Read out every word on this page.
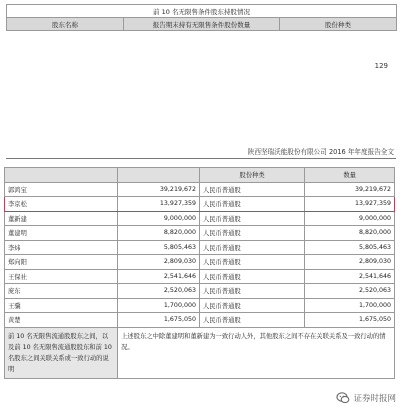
前 10 名无限售条件股东持股情况
股东名称	报告期末持有无限售条件股份数量	股份种类
129
陕西坚瑞沃能股份有限公司 2016 年年度报告全文
		股份种类	数量
郭鸿宝	39,219,672	人民币普通股	39,219,672
李京松	13,927,359	人民币普通股	13,927,359
董新建	9,000,000	人民币普通股	9,000,000
董建明	8,820,000	人民币普通股	8,820,000
李炜	5,805,463	人民币普通股	5,805,463
郑向阳	2,809,030	人民币普通股	2,809,030
王保社	2,541,646	人民币普通股	2,541,646
庞东	2,520,063	人民币普通股	2,520,063
王骥	1,700,000	人民币普通股	1,700,000
黄楚	1,675,050	人民币普通股	1,675,050
前 10 名无限售流通股股东之间，以及前 10 名无限售流通股股东和前 10 名股东之间关联关系或一致行动的说明	上述股东之中除董建明和董新建为一致行动人外，其他股东之间不存在关联关系及一致行动的情况。		
证券时报网
